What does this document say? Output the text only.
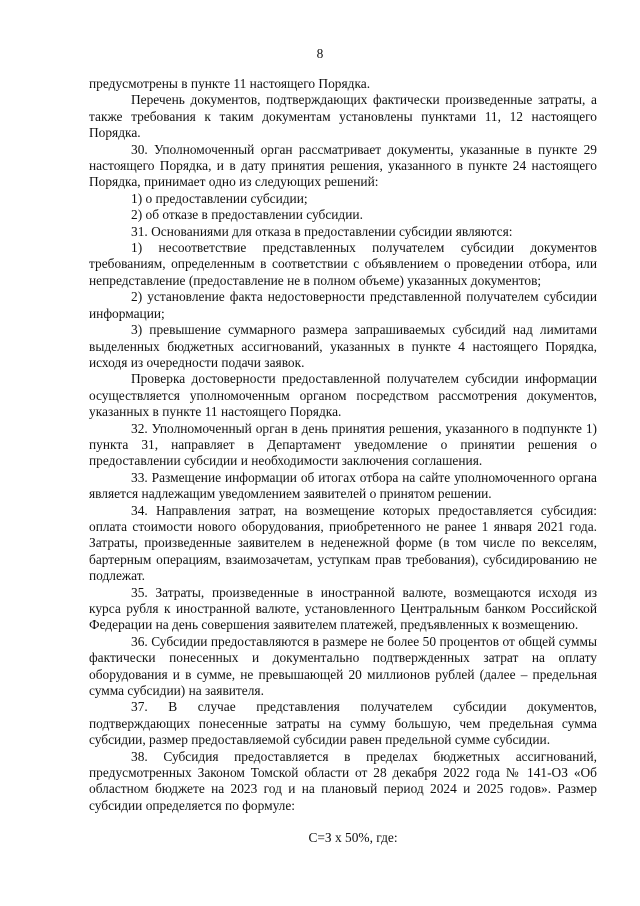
8

предусмотрены в пункте 11 настоящего Порядка.

Перечень документов, подтверждающих фактически произведенные затраты, а также требования к таким документам установлены пунктами 11, 12 настоящего Порядка.

30. Уполномоченный орган рассматривает документы, указанные в пункте 29 настоящего Порядка, и в дату принятия решения, указанного в пункте 24 настоящего Порядка, принимает одно из следующих решений:

1) о предоставлении субсидии;

2) об отказе в предоставлении субсидии.

31. Основаниями для отказа в предоставлении субсидии являются:

1) несоответствие представленных получателем субсидии документов требованиям, определенным в соответствии с объявлением о проведении отбора, или непредставление (предоставление не в полном объеме) указанных документов;

2) установление факта недостоверности представленной получателем субсидии информации;

3) превышение суммарного размера запрашиваемых субсидий над лимитами выделенных бюджетных ассигнований, указанных в пункте 4 настоящего Порядка, исходя из очередности подачи заявок.

Проверка достоверности предоставленной получателем субсидии информации осуществляется уполномоченным органом посредством рассмотрения документов, указанных в пункте 11 настоящего Порядка.

32. Уполномоченный орган в день принятия решения, указанного в подпункте 1) пункта 31, направляет в Департамент уведомление о принятии решения о предоставлении субсидии и необходимости заключения соглашения.

33. Размещение информации об итогах отбора на сайте уполномоченного органа является надлежащим уведомлением заявителей о принятом решении.

34. Направления затрат, на возмещение которых предоставляется субсидия: оплата стоимости нового оборудования, приобретенного не ранее 1 января 2021 года. Затраты, произведенные заявителем в неденежной форме (в том числе по векселям, бартерным операциям, взаимозачетам, уступкам прав требования), субсидированию не подлежат.

35. Затраты, произведенные в иностранной валюте, возмещаются исходя из курса рубля к иностранной валюте, установленного Центральным банком Российской Федерации на день совершения заявителем платежей, предъявленных к возмещению.

36. Субсидии предоставляются в размере не более 50 процентов от общей суммы фактически понесенных и документально подтвержденных затрат на оплату оборудования и в сумме, не превышающей 20 миллионов рублей (далее – предельная сумма субсидии) на заявителя.

37. В случае представления получателем субсидии документов, подтверждающих понесенные затраты на сумму большую, чем предельная сумма субсидии, размер предоставляемой субсидии равен предельной сумме субсидии.

38. Субсидия предоставляется в пределах бюджетных ассигнований, предусмотренных Законом Томской области от 28 декабря 2022 года № 141-ОЗ «Об областном бюджете на 2023 год и на плановый период 2024 и 2025 годов». Размер субсидии определяется по формуле:

С=З х 50%, где:
